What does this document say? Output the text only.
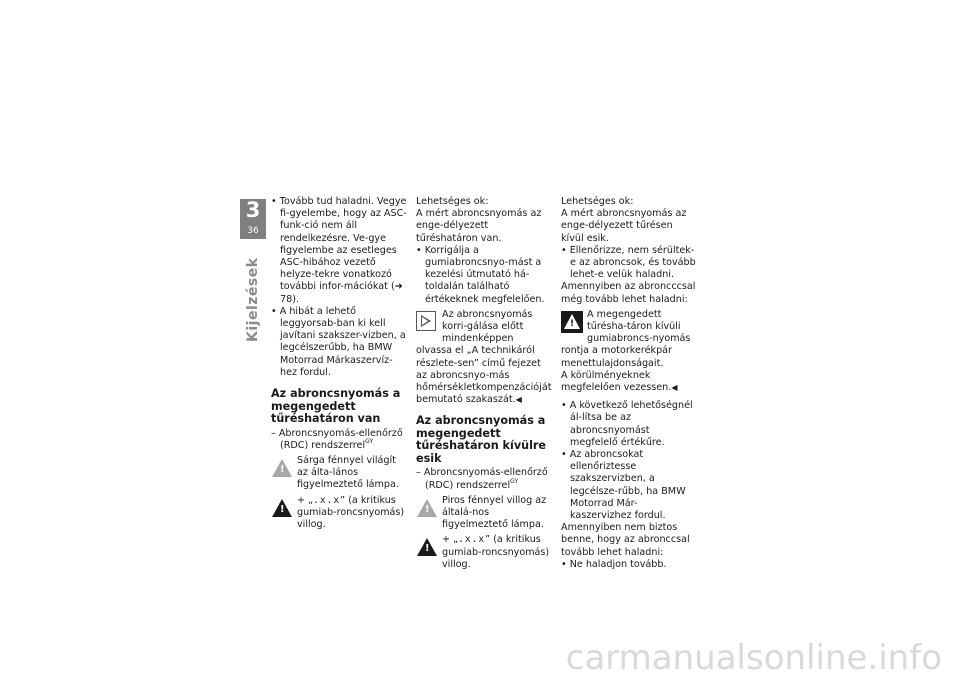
3
36
Kijelzések

• Tovább tud haladni. Vegye fi-gyelembe, hogy az ASC-funk-ció nem áll rendelkezésre. Ve-gye figyelembe az esetleges ASC-hibához vezető helyze-tekre vonatkozó további infor-mációkat (➜ 78).

• A hibát a lehető leggyorsab-ban ki kell javítani szakszer-vizben, a legcélszerűbb, ha BMW Motorrad Márkaszervíz-hez fordul.

Az abroncsnyomás a megengedett tűréshatáron van

– Abroncsnyomás-ellenőrző (RDC) rendszerrel$^{GY}$

!

Sárga fénnyel világít az álta-lános figyelmeztető lámpa.

!

+ „.x.x” (a kritikus gumiab-roncsnyomás) villog.

Lehetséges ok:

A mért abroncsnyomás az enge-délyezett tűréshatáron van.

• Korrigálja a gumiabroncsnyo-mást a kezelési útmutató há-toldalán található értékeknek megfelelően.

Az abroncsnyomás korri-gálása előtt mindenképpen olvassa el „A technikáról részlete-sen” című fejezet az abroncsnyo-más hőmérsékletkompenzációját bemutató szakaszát.◀

Az abroncsnyomás a megengedett tűréshatáron kívülre esik

– Abroncsnyomás-ellenőrző (RDC) rendszerrel$^{GY}$

!

Piros fénnyel villog az általá-nos figyelmeztető lámpa.

!

+ „.x.x” (a kritikus gumiab-roncsnyomás) villog.

Lehetséges ok:

A mért abroncsnyomás az enge-délyezett tűrésen kívül esik.

• Ellenőrizze, nem sérültek-e az abroncsok, és tovább lehet-e velük haladni.

Amennyiben az abroncccsal még tovább lehet haladni:

!

A megengedett tűrésha-táron kívüli gumiabroncs-nyomás rontja a motorkerékpár menettulajdonságait.

A körülményeknek megfelelően vezessen.◀

• A következő lehetőségnél ál-lítsa be az abroncsnyomást megfelelő értékűre.

• Az abroncsokat ellenőriztesse szakszervizben, a legcélsze-rűbb, ha BMW Motorrad Már-kaszervizhez fordul.

Amennyiben nem biztos benne, hogy az abronccsal tovább lehet haladni:

• Ne haladjon tovább.

carmanualsonline.info
